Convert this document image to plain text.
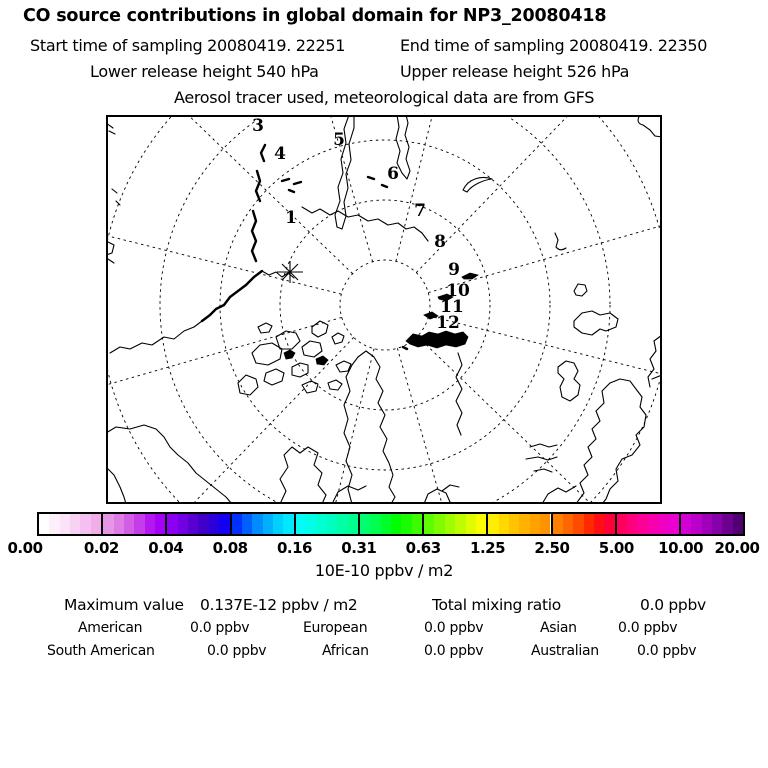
CO source contributions in global domain for NP3_20080418
Start time of sampling 20080419. 22251	End time of sampling 20080419. 22350
Lower release height 540 hPa	Upper release height 526 hPa
Aerosol tracer used, meteorological data are from GFS
1
3
4
5
6
7
8
9
10
11
12
0.00	0.02 0.04 0.08 0.16 0.31 0.63 1.25 2.50 5.00 10.00 20.00
10E-10 ppbv / m2
Maximum value 0.137E-12 ppbv / m2	Total mixing ratio	0.0 ppbv
American	0.0 ppbv	European	0.0 ppbv	Asian	0.0 ppbv
South American	0.0 ppbv	African	0.0 ppbv	Australian	0.0 ppbv
